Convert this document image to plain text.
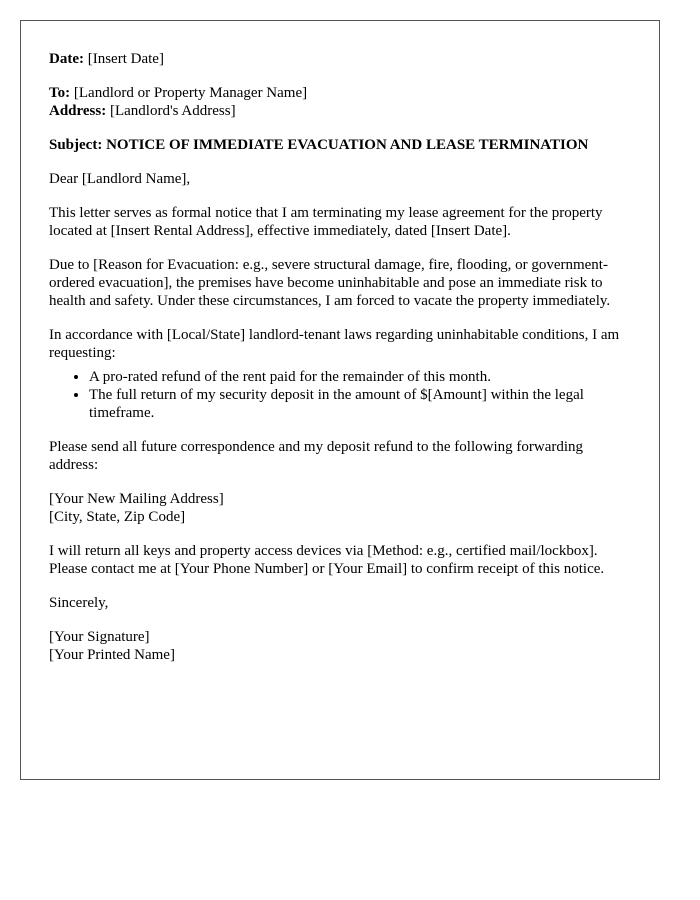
Date: [Insert Date]

To: [Landlord or Property Manager Name]
Address: [Landlord's Address]

Subject: NOTICE OF IMMEDIATE EVACUATION AND LEASE TERMINATION

Dear [Landlord Name],

This letter serves as formal notice that I am terminating my lease agreement for the property located at [Insert Rental Address], effective immediately, dated [Insert Date].

Due to [Reason for Evacuation: e.g., severe structural damage, fire, flooding, or government-ordered evacuation], the premises have become uninhabitable and pose an immediate risk to health and safety. Under these circumstances, I am forced to vacate the property immediately.

In accordance with [Local/State] landlord-tenant laws regarding uninhabitable conditions, I am requesting:

• A pro-rated refund of the rent paid for the remainder of this month.
• The full return of my security deposit in the amount of $[Amount] within the legal timeframe.

Please send all future correspondence and my deposit refund to the following forwarding address:

[Your New Mailing Address]
[City, State, Zip Code]

I will return all keys and property access devices via [Method: e.g., certified mail/lockbox]. Please contact me at [Your Phone Number] or [Your Email] to confirm receipt of this notice.

Sincerely,

[Your Signature]
[Your Printed Name]
